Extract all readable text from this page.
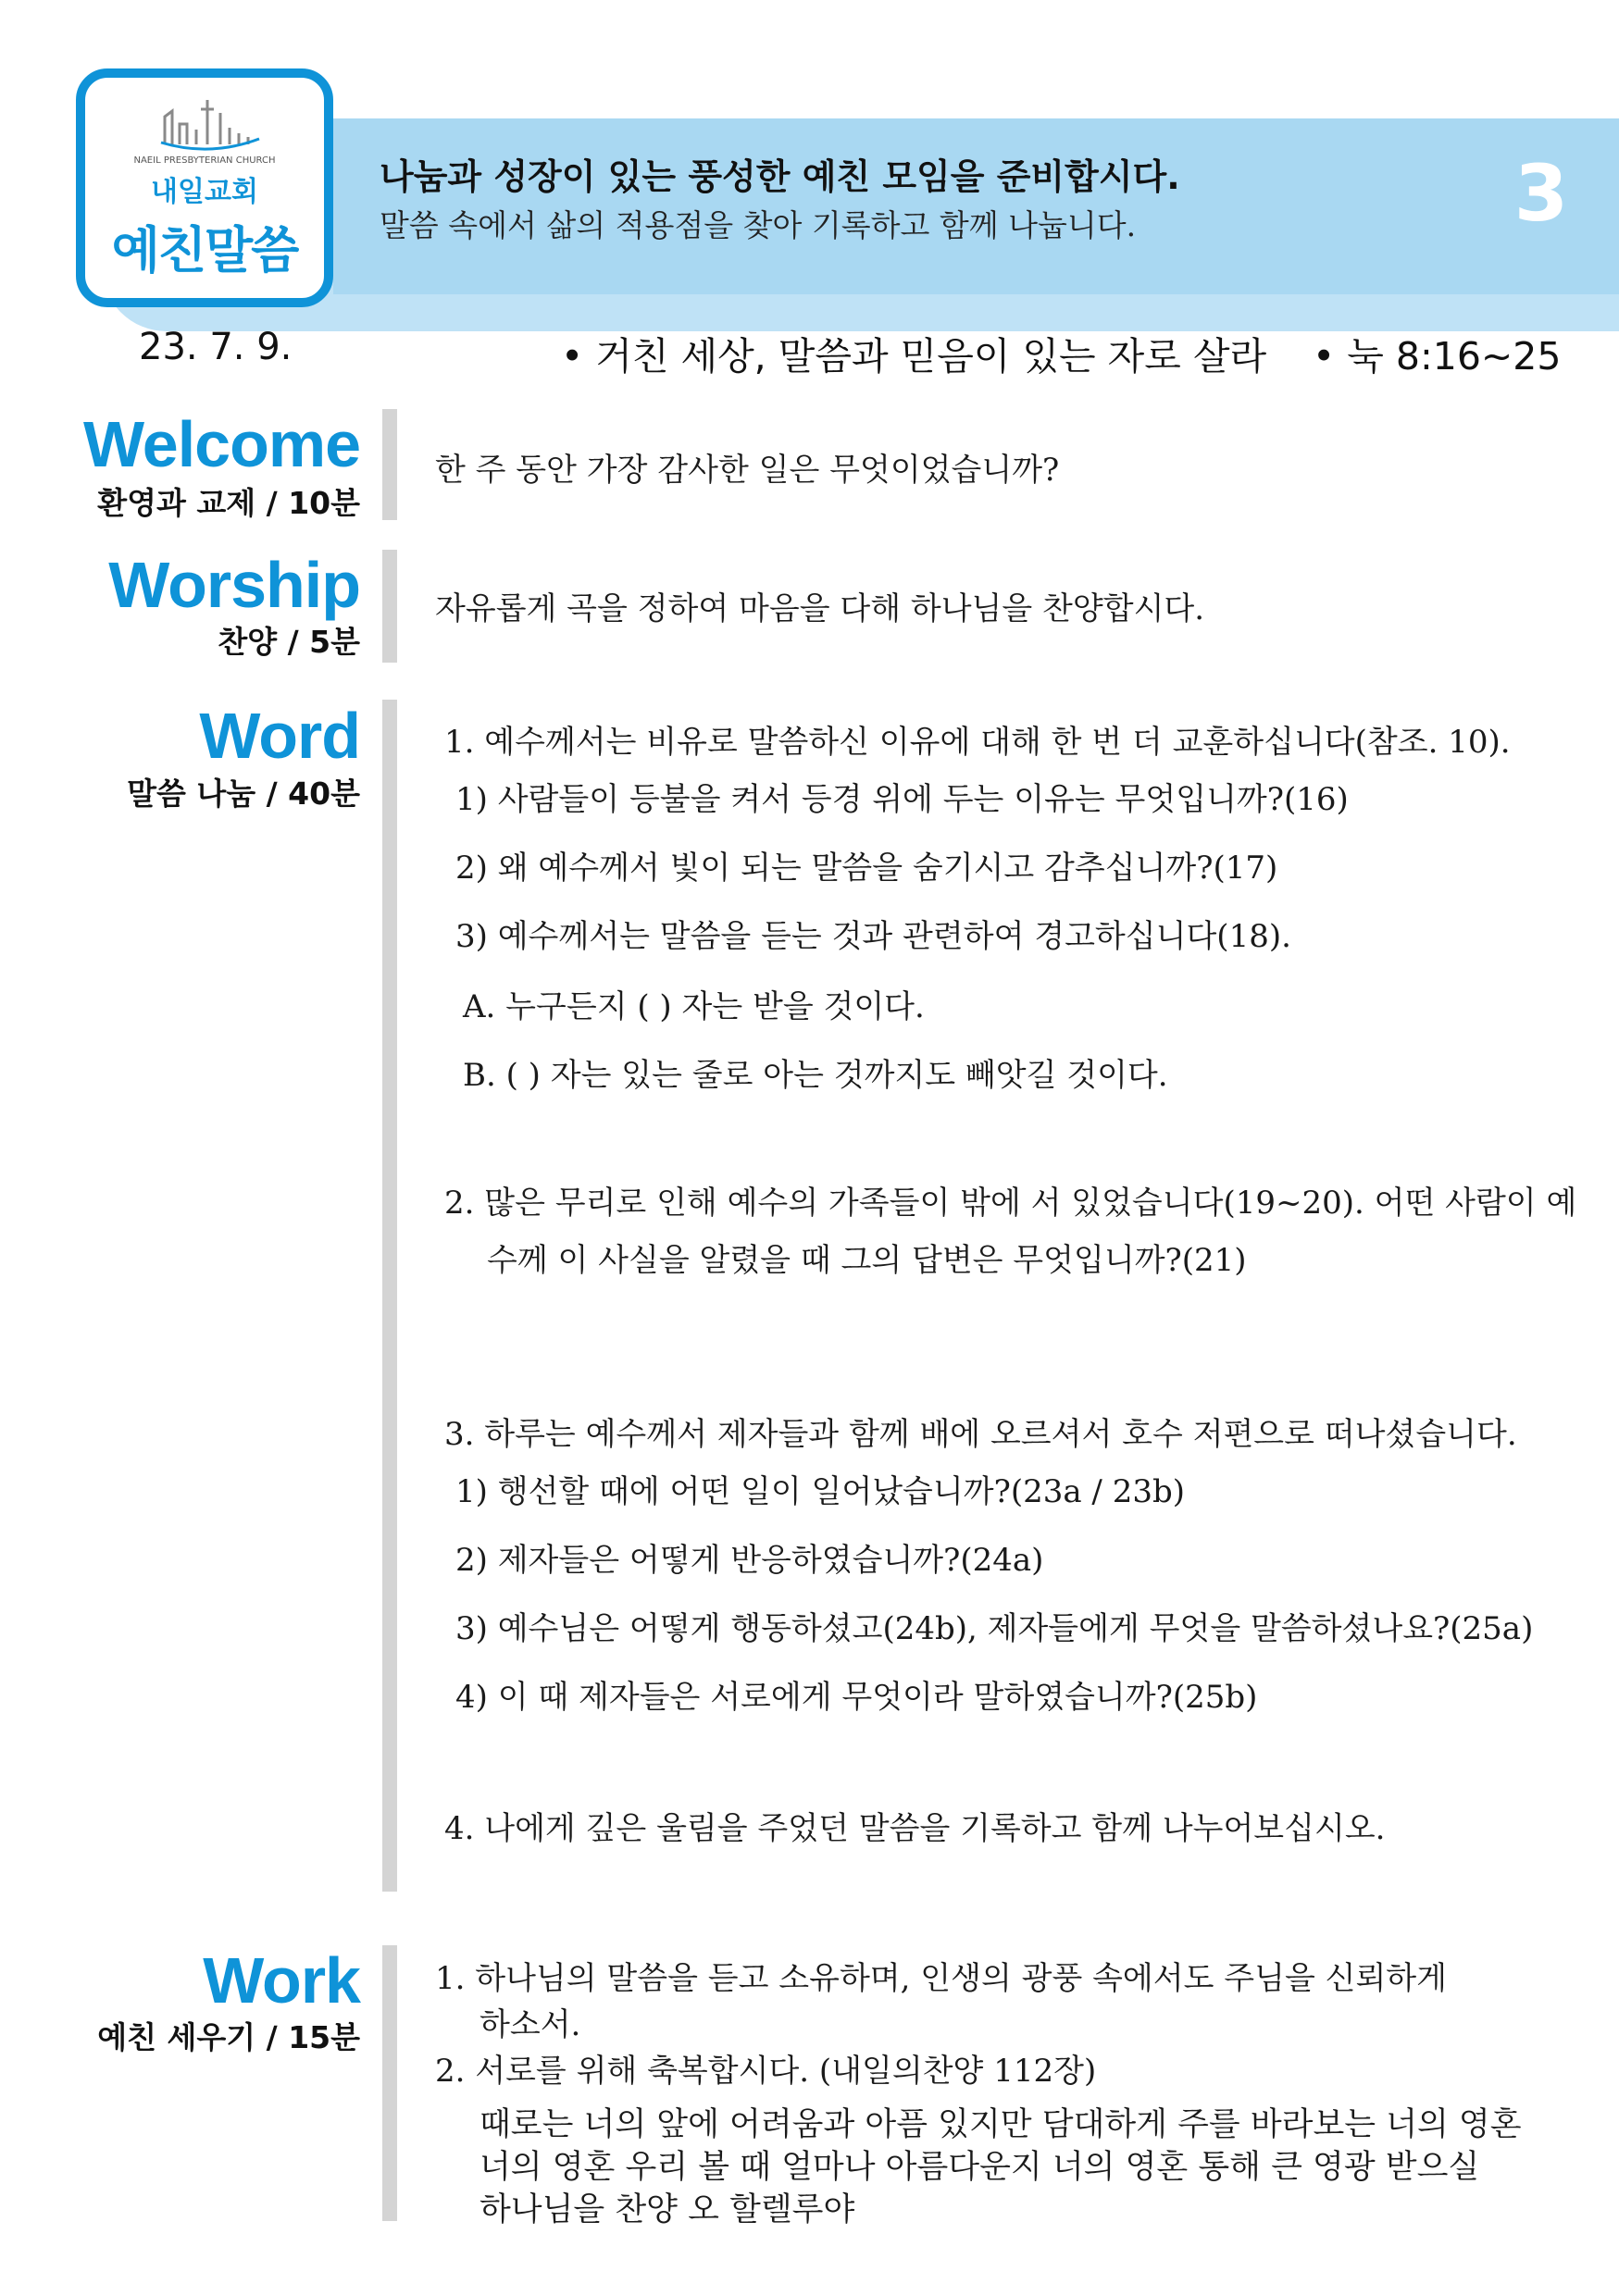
나눔과 성장이 있는 풍성한 예친 모임을 준비합시다.
말씀 속에서 삶의 적용점을 찾아 기록하고 함께 나눕니다.	3
23. 7. 9.	• 거친 세상, 말씀과 믿음이 있는 자로 살라 • 눅 8:16~25
NAEIL PRESBYTERIAN CHURCH
내일교회
예친말씀
Welcome
환영과 교제 / 10분
한 주 동안 가장 감사한 일은 무엇이었습니까?
Worship
찬양 / 5분
자유롭게 곡을 정하여 마음을 다해 하나님을 찬양합시다.
Word
말씀 나눔 / 40분
1. 예수께서는 비유로 말씀하신 이유에 대해 한 번 더 교훈하십니다(참조. 10).
1) 사람들이 등불을 켜서 등경 위에 두는 이유는 무엇입니까?(16)
2) 왜 예수께서 빛이 되는 말씀을 숨기시고 감추십니까?(17)
3) 예수께서는 말씀을 듣는 것과 관련하여 경고하십니다(18).
A. 누구든지 ( ) 자는 받을 것이다.
B. ( ) 자는 있는 줄로 아는 것까지도 빼앗길 것이다.
2. 많은 무리로 인해 예수의 가족들이 밖에 서 있었습니다(19~20). 어떤 사람이 예
수께 이 사실을 알렸을 때 그의 답변은 무엇입니까?(21)
3. 하루는 예수께서 제자들과 함께 배에 오르셔서 호수 저편으로 떠나셨습니다.
1) 행선할 때에 어떤 일이 일어났습니까?(23a / 23b)
2) 제자들은 어떻게 반응하였습니까?(24a)
3) 예수님은 어떻게 행동하셨고(24b), 제자들에게 무엇을 말씀하셨나요?(25a)
4) 이 때 제자들은 서로에게 무엇이라 말하였습니까?(25b)
4. 나에게 깊은 울림을 주었던 말씀을 기록하고 함께 나누어보십시오.
Work
예친 세우기 / 15분
1. 하나님의 말씀을 듣고 소유하며, 인생의 광풍 속에서도 주님을 신뢰하게
하소서.
2. 서로를 위해 축복합시다. (내일의찬양 112장)
때로는 너의 앞에 어려움과 아픔 있지만 담대하게 주를 바라보는 너의 영혼
너의 영혼 우리 볼 때 얼마나 아름다운지 너의 영혼 통해 큰 영광 받으실
하나님을 찬양 오 할렐루야
